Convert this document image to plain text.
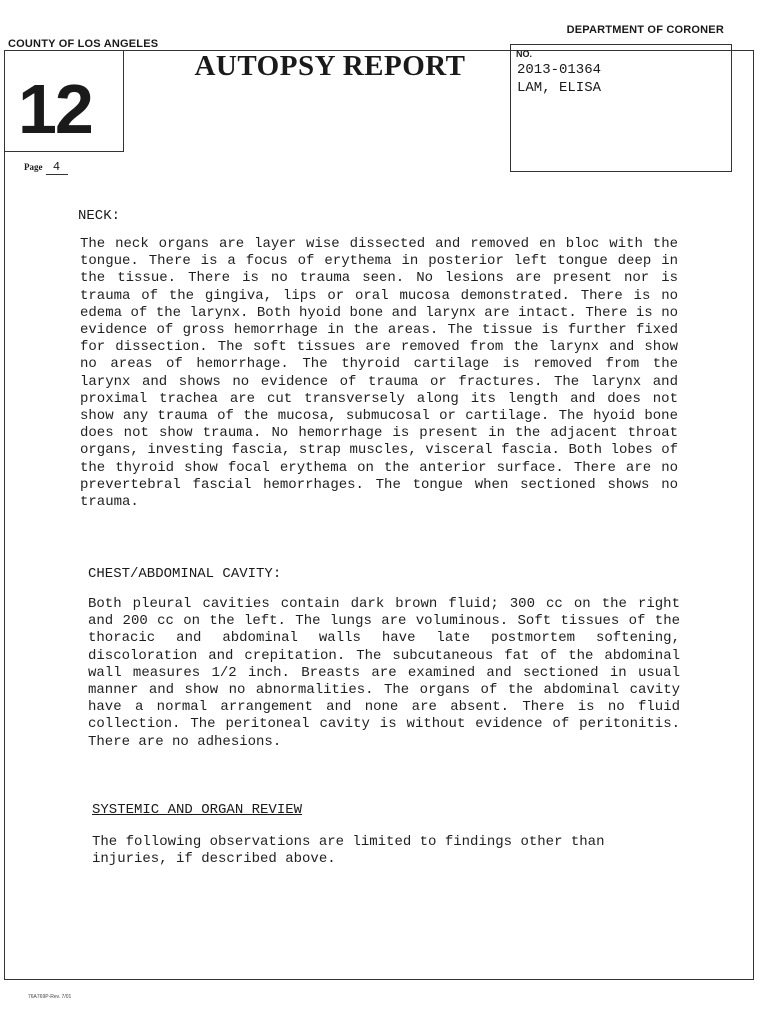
COUNTY OF LOS ANGELES
DEPARTMENT OF CORONER
12
AUTOPSY REPORT	NO.
2013-01364
LAM, ELISA
Page 4
NECK:
The neck organs are layer wise dissected and removed en bloc with the tongue. There is a focus of erythema in posterior left tongue deep in the tissue. There is no trauma seen. No lesions are present nor is trauma of the gingiva, lips or oral mucosa demonstrated. There is no edema of the larynx. Both hyoid bone and larynx are intact. There is no evidence of gross hemorrhage in the areas. The tissue is further fixed for dissection. The soft tissues are removed from the larynx and show no areas of hemorrhage. The thyroid cartilage is removed from the larynx and shows no evidence of trauma or fractures. The larynx and proximal trachea are cut transversely along its length and does not show any trauma of the mucosa, submucosal or cartilage. The hyoid bone does not show trauma. No hemorrhage is present in the adjacent throat organs, investing fascia, strap muscles, visceral fascia. Both lobes of the thyroid show focal erythema on the anterior surface. There are no prevertebral fascial hemorrhages. The tongue when sectioned shows no trauma.
CHEST/ABDOMINAL CAVITY:
Both pleural cavities contain dark brown fluid; 300 cc on the right and 200 cc on the left. The lungs are voluminous. Soft tissues of the thoracic and abdominal walls have late postmortem softening, discoloration and crepitation. The subcutaneous fat of the abdominal wall measures 1/2 inch. Breasts are examined and sectioned in usual manner and show no abnormalities. The organs of the abdominal cavity have a normal arrangement and none are absent. There is no fluid collection. The peritoneal cavity is without evidence of peritonitis. There are no adhesions.
SYSTEMIC AND ORGAN REVIEW
The following observations are limited to findings other than injuries, if described above.
76A769P-Rev. 7/01
